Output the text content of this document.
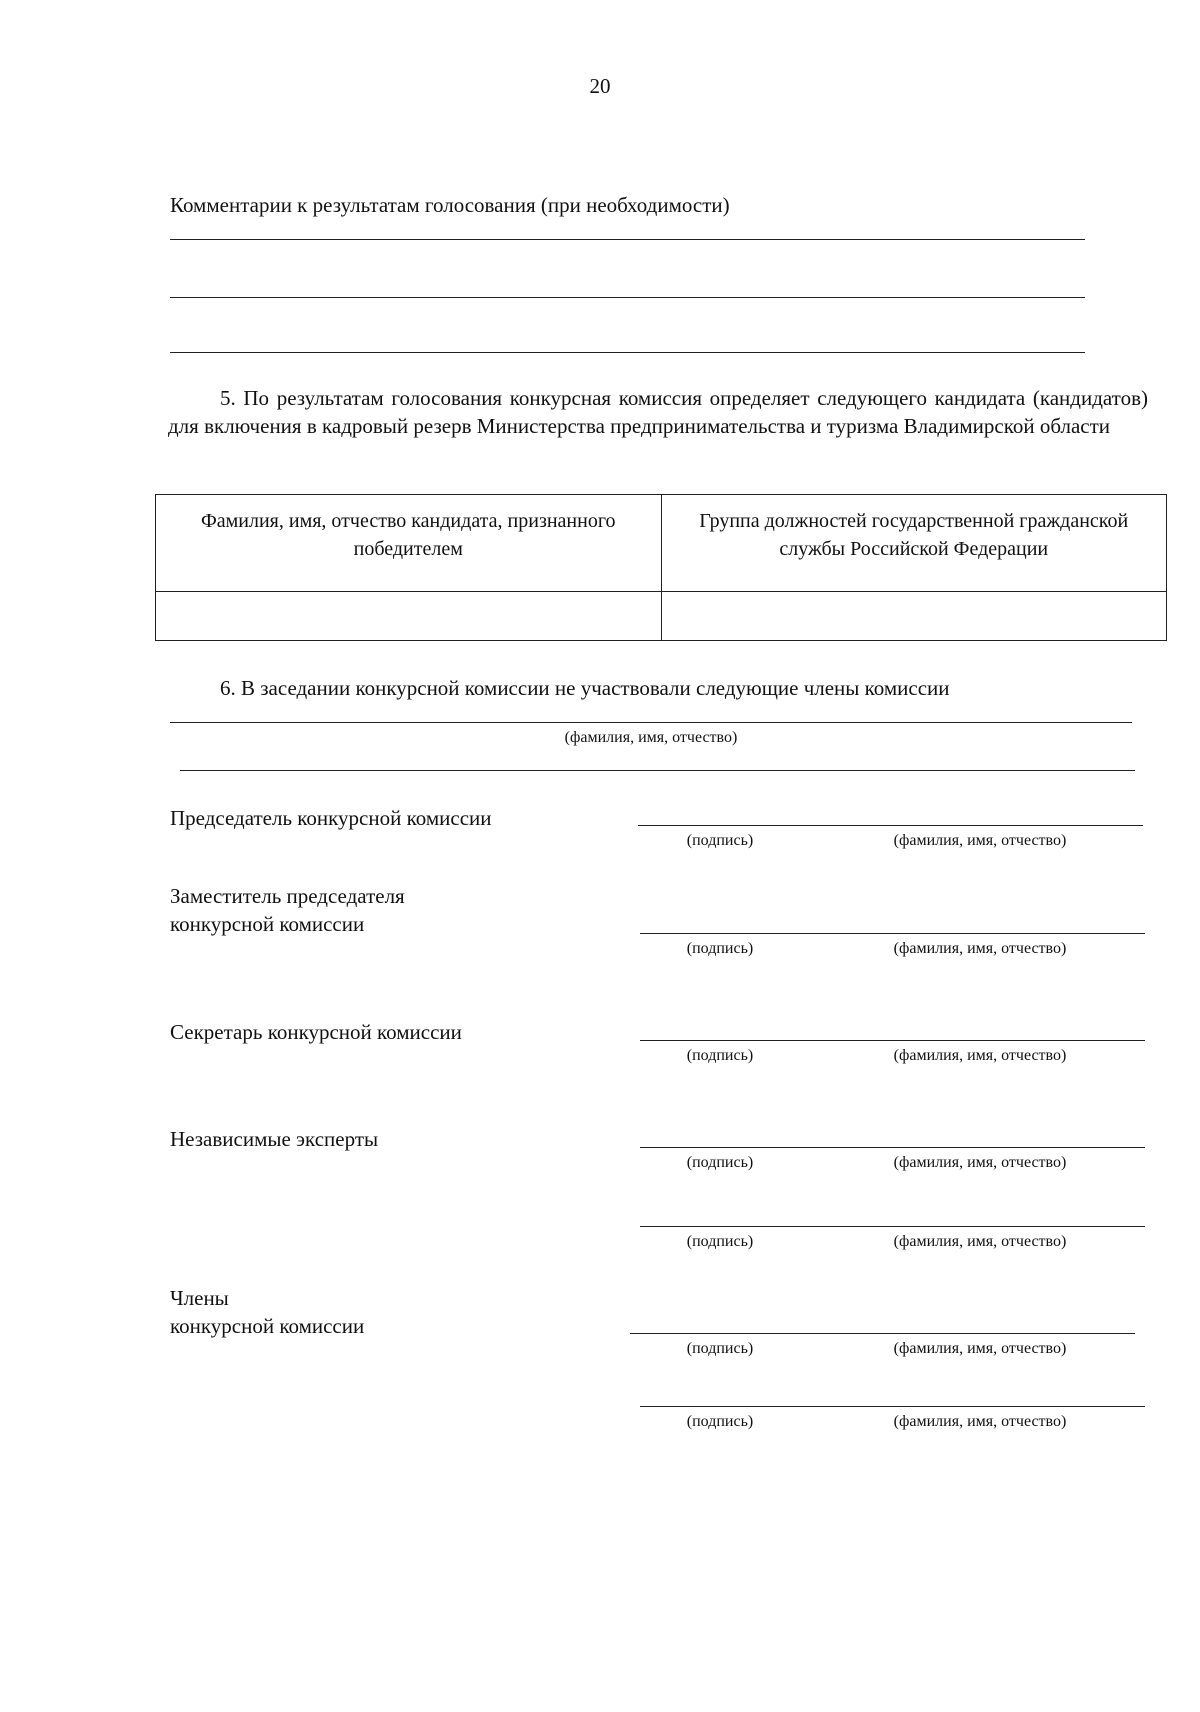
20
Комментарии к результатам голосования (при необходимости)
5. По результатам голосования конкурсная комиссия определяет следующего кандидата (кандидатов) для включения в кадровый резерв Министерства предпринимательства и туризма Владимирской области
Фамилия, имя, отчество кандидата, признанного победителем	Группа должностей государственной гражданской службы Российской Федерации

6. В заседании конкурсной комиссии не участвовали следующие члены комиссии
(фамилия, имя, отчество)
Председатель конкурсной комиссии
(подпись)	(фамилия, имя, отчество)
Заместитель председателя
конкурсной комиссии
(подпись)	(фамилия, имя, отчество)
Секретарь конкурсной комиссии
(подпись)	(фамилия, имя, отчество)
Независимые эксперты
(подпись)	(фамилия, имя, отчество)
(подпись)	(фамилия, имя, отчество)
Члены
конкурсной комиссии
(подпись)	(фамилия, имя, отчество)
(подпись)	(фамилия, имя, отчество)
